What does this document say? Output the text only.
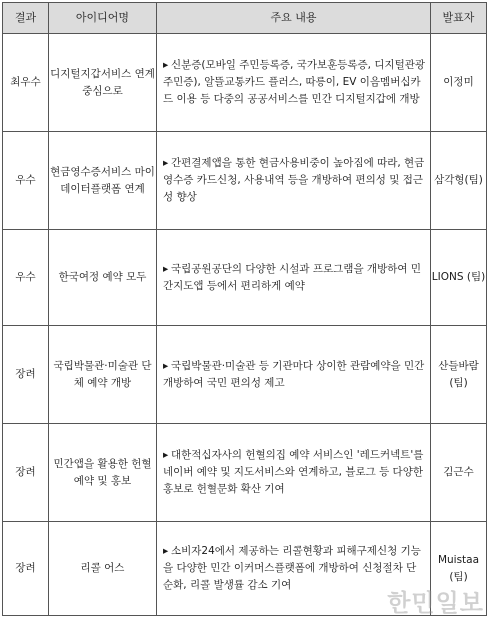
결과	아이디어명	주요 내용	발표자
최우수	디지털지갑서비스 연계 중심으로	▸ 신분증(모바일 주민등록증, 국가보훈등록증, 디지털관광주민증), 알뜰교통카드 플러스, 따릉이, EV 이음멤버십카드 이용 등 다중의 공공서비스를 민간 디지털지갑에 개방	이정미
우수	현금영수증서비스 마이데이터플랫폼 연계	▸ 간편결제앱을 통한 현금사용비중이 높아짐에 따라, 현금영수증 카드신청, 사용내역 등을 개방하여 편의성 및 접근성 향상	삼각형(팀)
우수	한국여정 예약 모두	▸ 국립공원공단의 다양한 시설과 프로그램을 개방하여 민간지도앱 등에서 편리하게 예약	LIONS (팀)
장려	국립박물관·미술관 단체 예약 개방	▸ 국립박물관·미술관 등 기관마다 상이한 관람예약을 민간 개방하여 국민 편의성 제고	산들바람 (팀)
장려	민간앱을 활용한 헌혈 예약 및 홍보	▸ 대한적십자사의 헌혈의집 예약 서비스인 '레드커넥트'를 네이버 예약 및 지도서비스와 연계하고, 블로그 등 다양한 홍보로 헌혈문화 확산 기여	김근수
장려	리콜 어스	▸ 소비자24에서 제공하는 리콜현황과 피해구제신청 기능을 다양한 민간 이커머스플랫폼에 개방하여 신청절차 단순화, 리콜 발생률 감소 기여	Muistaa (팀)
한민일보
